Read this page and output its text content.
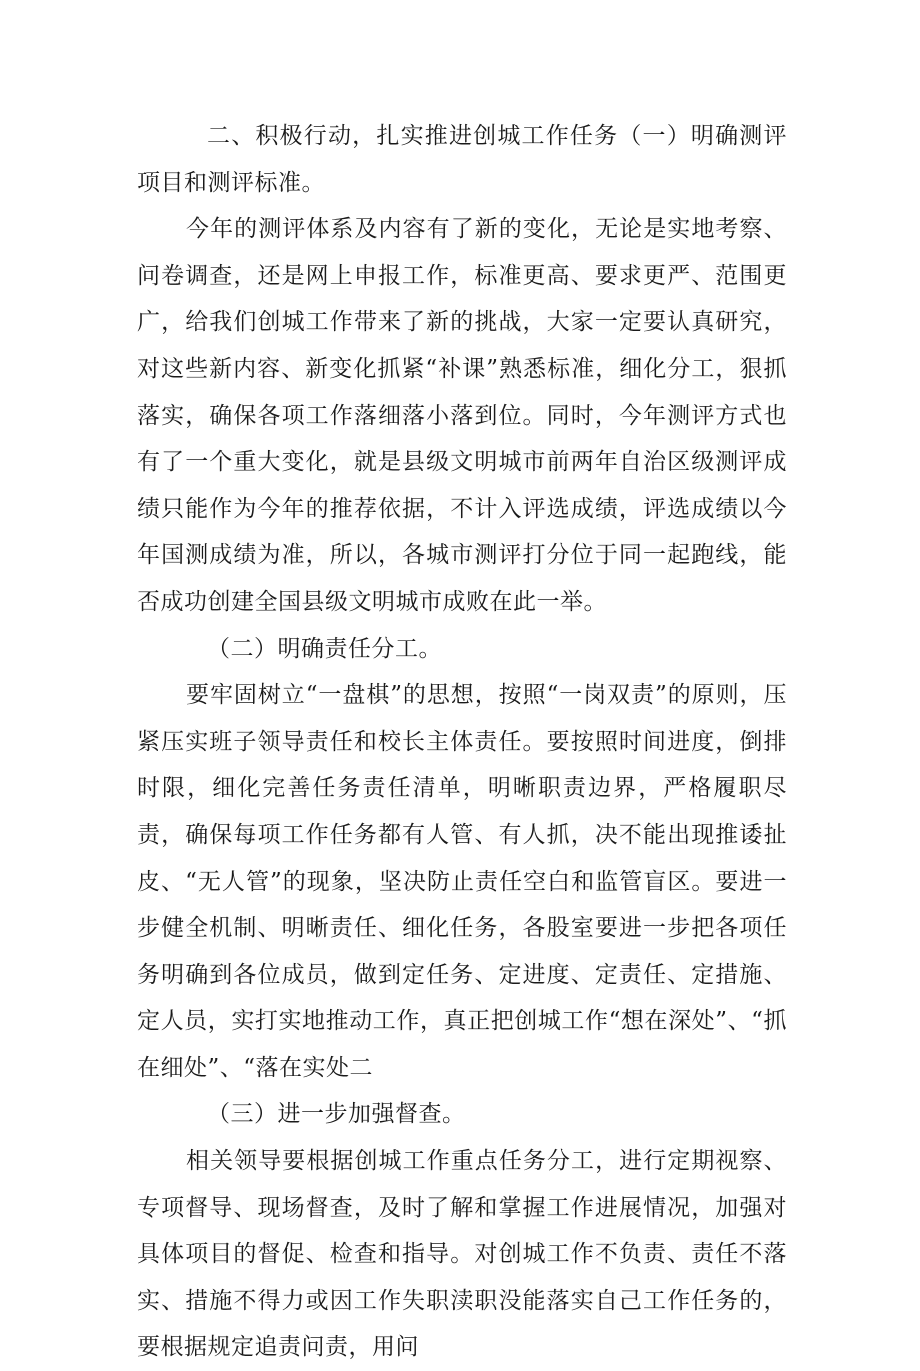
二、积极行动，扎实推进创城工作任务（一）明确测评项目和测评标准。

今年的测评体系及内容有了新的变化，无论是实地考察、问卷调查，还是网上申报工作，标准更高、要求更严、范围更广，给我们创城工作带来了新的挑战，大家一定要认真研究，对这些新内容、新变化抓紧“补课”熟悉标准，细化分工，狠抓落实，确保各项工作落细落小落到位。同时，今年测评方式也有了一个重大变化，就是县级文明城市前两年自治区级测评成绩只能作为今年的推荐依据，不计入评选成绩，评选成绩以今年国测成绩为准，所以，各城市测评打分位于同一起跑线，能否成功创建全国县级文明城市成败在此一举。

（二）明确责任分工。

要牢固树立“一盘棋”的思想，按照“一岗双责”的原则，压紧压实班子领导责任和校长主体责任。要按照时间进度，倒排时限，细化完善任务责任清单，明晰职责边界，严格履职尽责，确保每项工作任务都有人管、有人抓，决不能出现推诿扯皮、“无人管”的现象，坚决防止责任空白和监管盲区。要进一步健全机制、明晰责任、细化任务，各股室要进一步把各项任务明确到各位成员，做到定任务、定进度、定责任、定措施、定人员，实打实地推动工作，真正把创城工作“想在深处”、“抓在细处”、“落在实处二

（三）进一步加强督查。

相关领导要根据创城工作重点任务分工，进行定期视察、专项督导、现场督查，及时了解和掌握工作进展情况，加强对具体项目的督促、检查和指导。对创城工作不负责、责任不落实、措施不得力或因工作失职渎职没能落实自己工作任务的，要根据规定追责问责，用问
